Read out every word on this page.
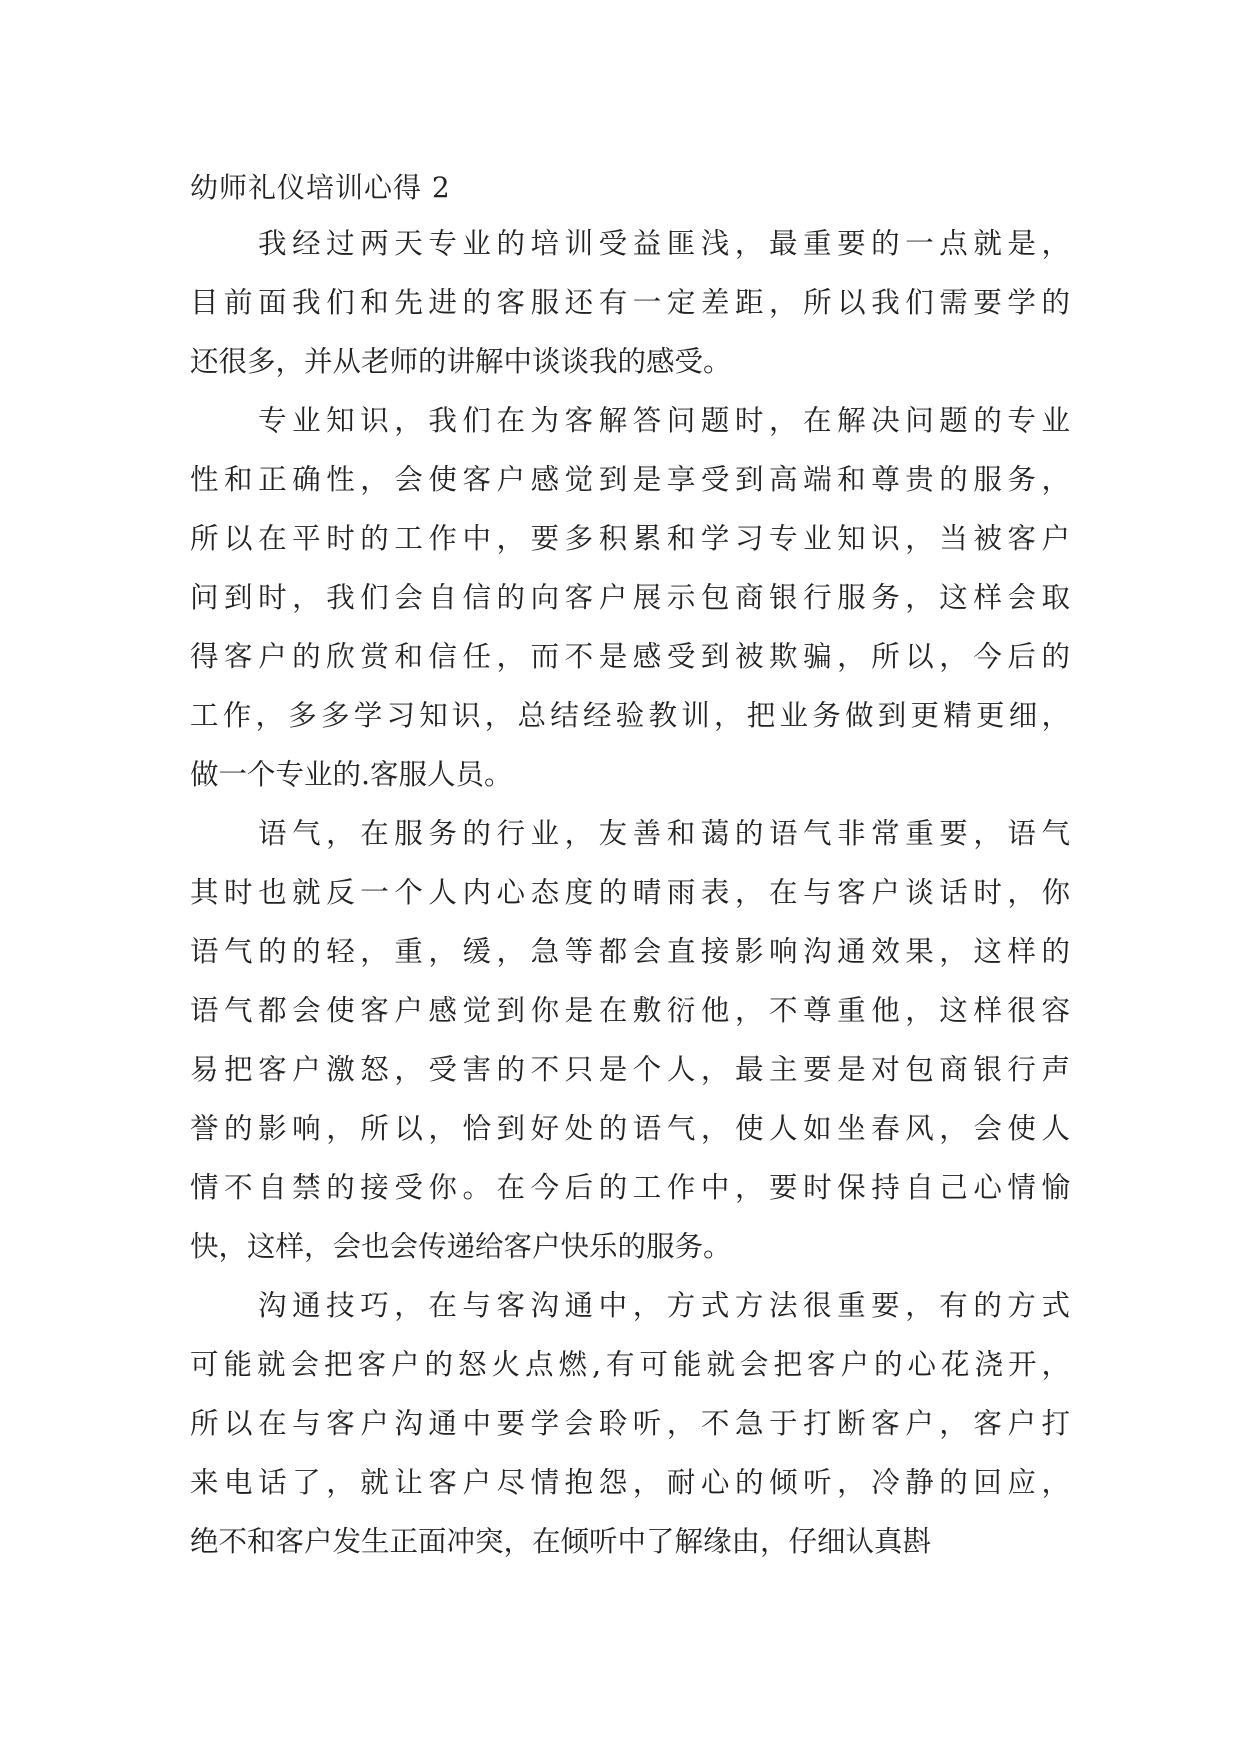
幼师礼仪培训心得 2
我经过两天专业的培训受益匪浅，最重要的一点就是，
目前面我们和先进的客服还有一定差距，所以我们需要学的
还很多，并从老师的讲解中谈谈我的感受。
专业知识，我们在为客解答问题时，在解决问题的专业
性和正确性，会使客户感觉到是享受到高端和尊贵的服务，
所以在平时的工作中，要多积累和学习专业知识，当被客户
问到时，我们会自信的向客户展示包商银行服务，这样会取
得客户的欣赏和信任，而不是感受到被欺骗，所以，今后的
工作，多多学习知识，总结经验教训，把业务做到更精更细，
做一个专业的.客服人员。
语气，在服务的行业，友善和蔼的语气非常重要，语气
其时也就反一个人内心态度的晴雨表，在与客户谈话时，你
语气的的轻，重，缓，急等都会直接影响沟通效果，这样的
语气都会使客户感觉到你是在敷衍他，不尊重他，这样很容
易把客户激怒，受害的不只是个人，最主要是对包商银行声
誉的影响，所以，恰到好处的语气，使人如坐春风，会使人
情不自禁的接受你。在今后的工作中，要时保持自己心情愉
快，这样，会也会传递给客户快乐的服务。
沟通技巧，在与客沟通中，方式方法很重要，有的方式
可能就会把客户的怒火点燃,有可能就会把客户的心花浇开，
所以在与客户沟通中要学会聆听，不急于打断客户，客户打
来电话了，就让客户尽情抱怨，耐心的倾听，冷静的回应，
绝不和客户发生正面冲突，在倾听中了解缘由，仔细认真斟
